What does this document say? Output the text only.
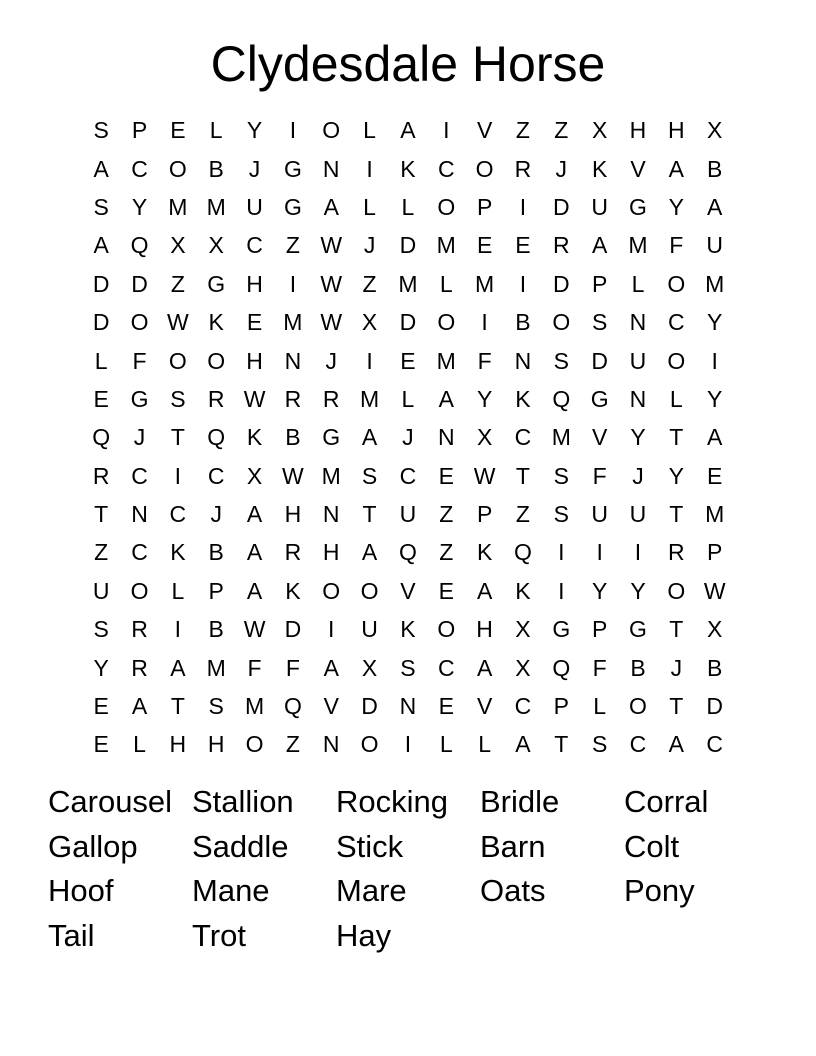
Clydesdale Horse
S	P	E	L	Y	I	O	L	A	I	V	Z	Z	X H H X
A C O B	J	G N	I	K C O R	J	K	V	A	B
S	Y M M U G A	L	L	O P	I	D U G Y	A
A Q X	X C	Z W J	D M E	E R A M F	U
D D	Z G H	I	W Z M L M	I	D P	L	O M
D O W K	E M W X D O	I	B O S N C Y
L	F O O H N	J	I	E M F	N S D U O	I
E G S R W R R M L	A	Y	K Q G N	L	Y
Q	J	T Q K	B G A	J	N X C M V	Y	T	A
R C	I	C X W M S C E W T	S	F	J	Y	E
T	N C	J	A H N	T	U	Z	P	Z	S U U	T M
Z	C K	B	A R H A Q Z	K Q	I	I	I	R P
U O	L	P	A	K O O V	E	A	K	I	Y	Y O W
S R	I	B W D	I	U K O H X G P G T	X
Y R A M F	F	A	X	S C A	X Q F	B	J	B
E	A	T	S M Q V D N E	V C P	L	O T	D
E	L	H H O Z	N O	I	L	L	A	T	S C A C
Carousel Stallion	Rocking	Bridle	Corral
Gallop	Saddle	Stick	Barn	Colt
Hoof	Mane	Mare	Oats	Pony
Tail	Trot	Hay
